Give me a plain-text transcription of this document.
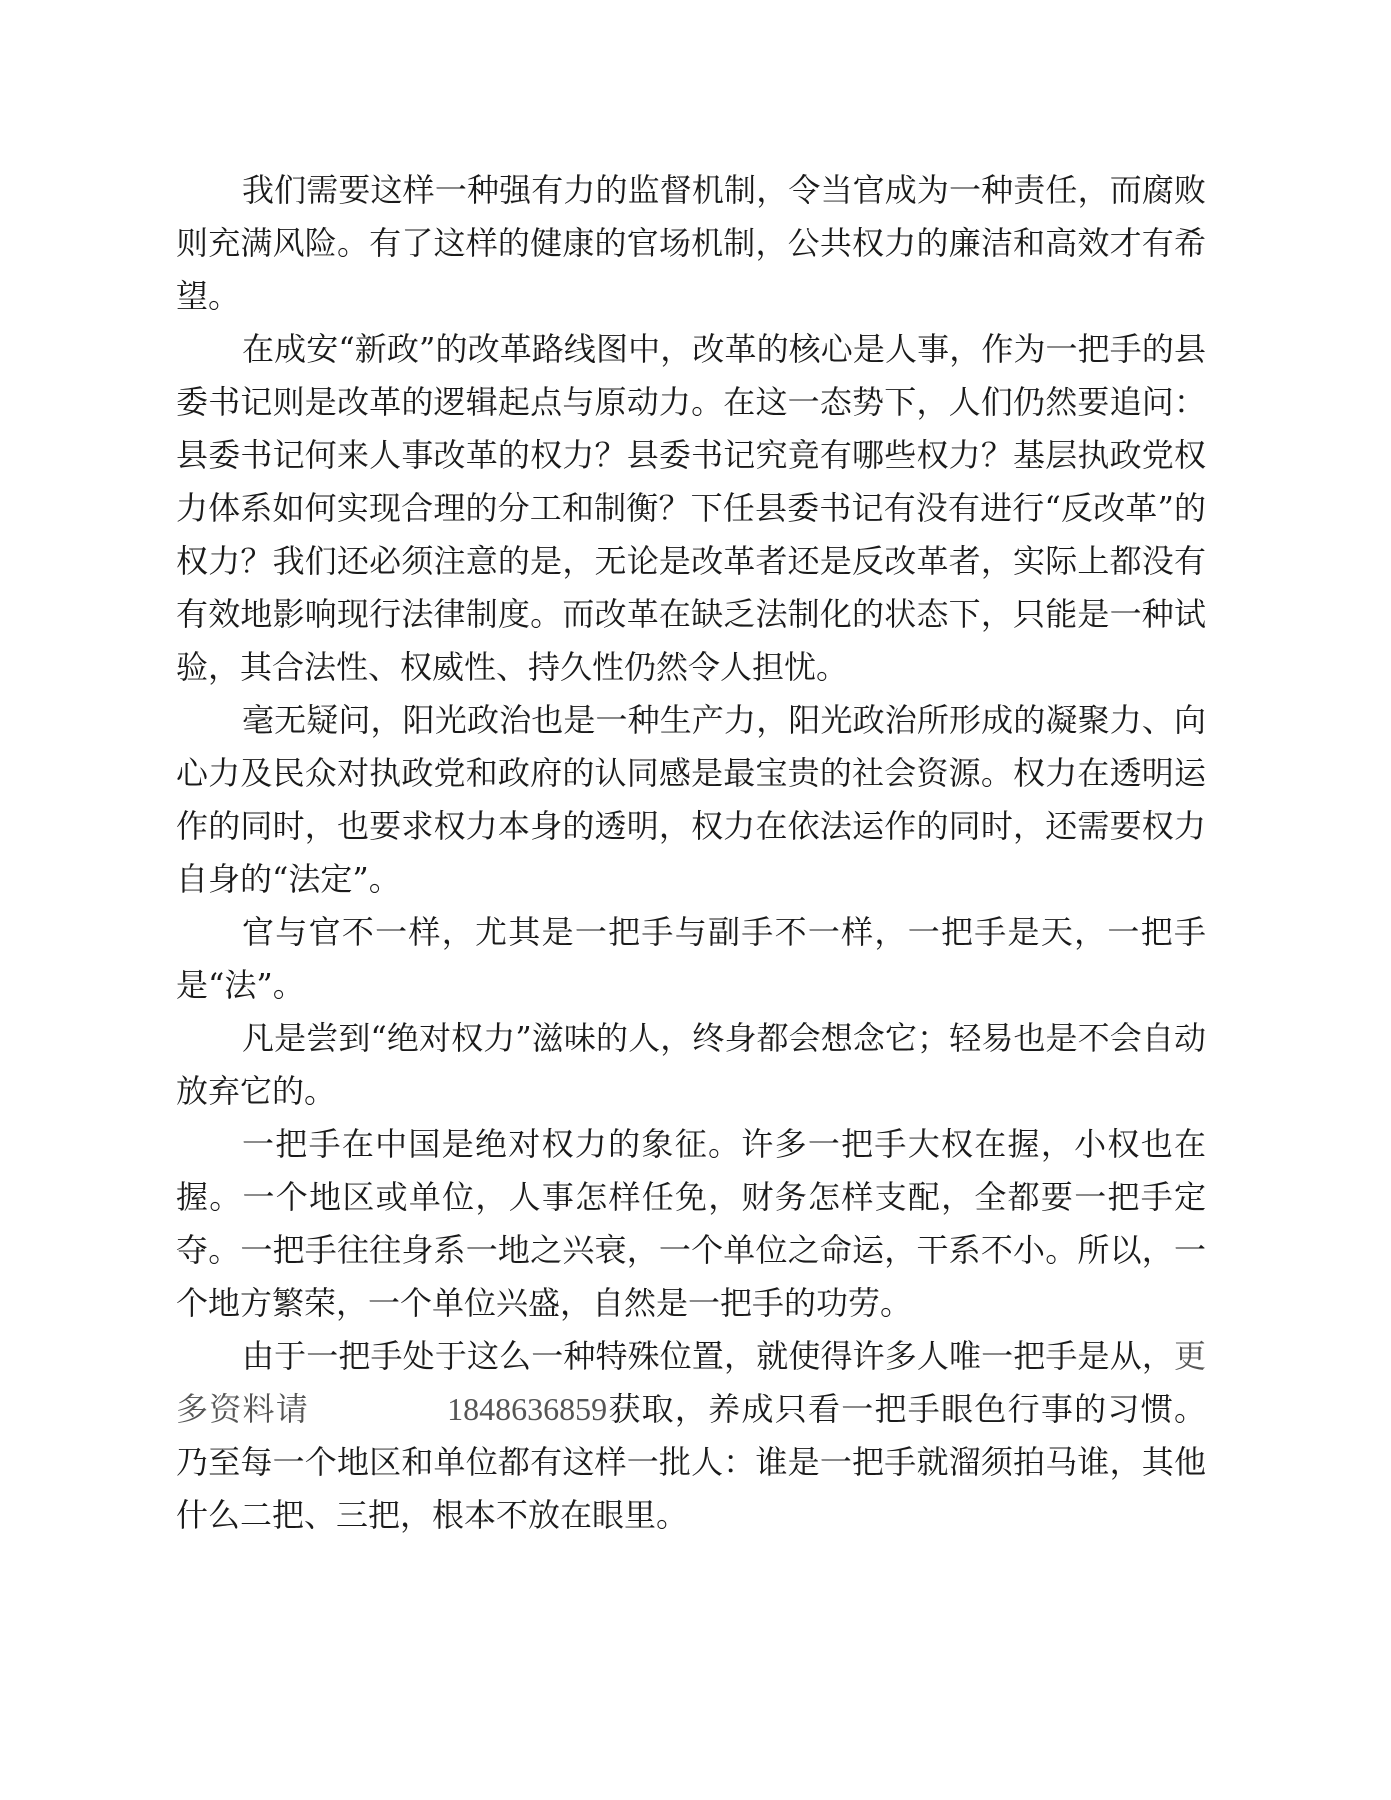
我们需要这样一种强有力的监督机制，令当官成为一种责任，而腐败则充满风险。有了这样的健康的官场机制，公共权力的廉洁和高效才有希望。

在成安“新政”的改革路线图中，改革的核心是人事，作为一把手的县委书记则是改革的逻辑起点与原动力。在这一态势下，人们仍然要追问：县委书记何来人事改革的权力？县委书记究竟有哪些权力？基层执政党权力体系如何实现合理的分工和制衡？下任县委书记有没有进行“反改革”的权力？我们还必须注意的是，无论是改革者还是反改革者，实际上都没有有效地影响现行法律制度。而改革在缺乏法制化的状态下，只能是一种试验，其合法性、权威性、持久性仍然令人担忧。

毫无疑问，阳光政治也是一种生产力，阳光政治所形成的凝聚力、向心力及民众对执政党和政府的认同感是最宝贵的社会资源。权力在透明运作的同时，也要求权力本身的透明，权力在依法运作的同时，还需要权力自身的“法定”。

官与官不一样，尤其是一把手与副手不一样，一把手是天，一把手是“法”。

凡是尝到“绝对权力”滋味的人，终身都会想念它；轻易也是不会自动放弃它的。

一把手在中国是绝对权力的象征。许多一把手大权在握，小权也在握。一个地区或单位，人事怎样任免，财务怎样支配，全都要一把手定夺。一把手往往身系一地之兴衰，一个单位之命运，干系不小。所以，一个地方繁荣，一个单位兴盛，自然是一把手的功劳。

由于一把手处于这么一种特殊位置，就使得许多人唯一把手是从，更多资料请	1848636859获取，养成只看一把手眼色行事的习惯。乃至每一个地区和单位都有这样一批人：谁是一把手就溜须拍马谁，其他什么二把、三把，根本不放在眼里。
